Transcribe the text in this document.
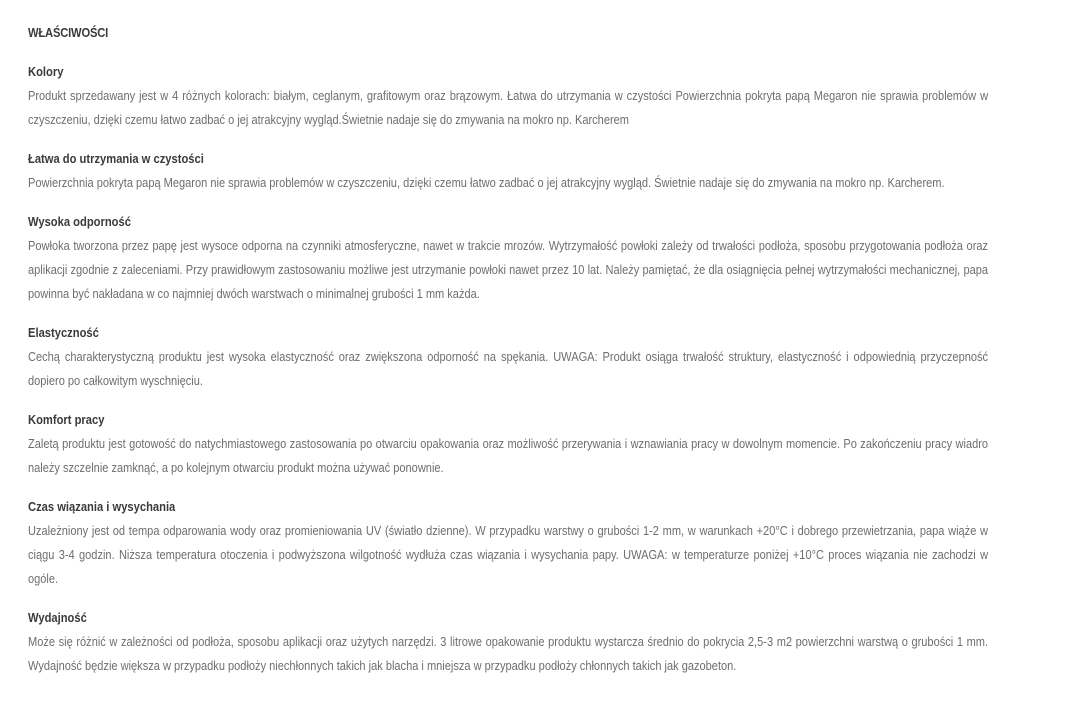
WŁAŚCIWOŚCI
Kolory

Produkt sprzedawany jest w 4 różnych kolorach: białym, ceglanym, grafitowym oraz brązowym. Łatwa do utrzymania w czystości Powierzchnia pokryta papą Megaron nie sprawia problemów w czyszczeniu, dzięki czemu łatwo zadbać o jej atrakcyjny wygląd.Świetnie nadaje się do zmywania na mokro np. Karcherem

Łatwa do utrzymania w czystości

Powierzchnia pokryta papą Megaron nie sprawia problemów w czyszczeniu, dzięki czemu łatwo zadbać o jej atrakcyjny wygląd. Świetnie nadaje się do zmywania na mokro np. Karcherem.

Wysoka odporność

Powłoka tworzona przez papę jest wysoce odporna na czynniki atmosferyczne, nawet w trakcie mrozów. Wytrzymałość powłoki zależy od trwałości podłoża, sposobu przygotowania podłoża oraz aplikacji zgodnie z zaleceniami. Przy prawidłowym zastosowaniu możliwe jest utrzymanie powłoki nawet przez 10 lat. Należy pamiętać, że dla osiągnięcia pełnej wytrzymałości mechanicznej, papa powinna być nakładana w co najmniej dwóch warstwach o minimalnej grubości 1 mm każda.

Elastyczność

Cechą charakterystyczną produktu jest wysoka elastyczność oraz zwiększona odporność na spękania. UWAGA: Produkt osiąga trwałość struktury, elastyczność i odpowiednią przyczepność dopiero po całkowitym wyschnięciu.

Komfort pracy

Zaletą produktu jest gotowość do natychmiastowego zastosowania po otwarciu opakowania oraz możliwość przerywania i wznawiania pracy w dowolnym momencie. Po zakończeniu pracy wiadro należy szczelnie zamknąć, a po kolejnym otwarciu produkt można używać ponownie.

Czas wiązania i wysychania

Uzależniony jest od tempa odparowania wody oraz promieniowania UV (światło dzienne). W przypadku warstwy o grubości 1-2 mm, w warunkach +20°C i dobrego przewietrzania, papa wiąże w ciągu 3-4 godzin. Niższa temperatura otoczenia i podwyższona wilgotność wydłuża czas wiązania i wysychania papy. UWAGA: w temperaturze poniżej +10°C proces wiązania nie zachodzi w ogóle.

Wydajność

Może się różnić w zależności od podłoża, sposobu aplikacji oraz użytych narzędzi. 3 litrowe opakowanie produktu wystarcza średnio do pokrycia 2,5-3 m2 powierzchni warstwą o grubości 1 mm. Wydajność będzie większa w przypadku podłoży niechłonnych takich jak blacha i mniejsza w przypadku podłoży chłonnych takich jak gazobeton.
